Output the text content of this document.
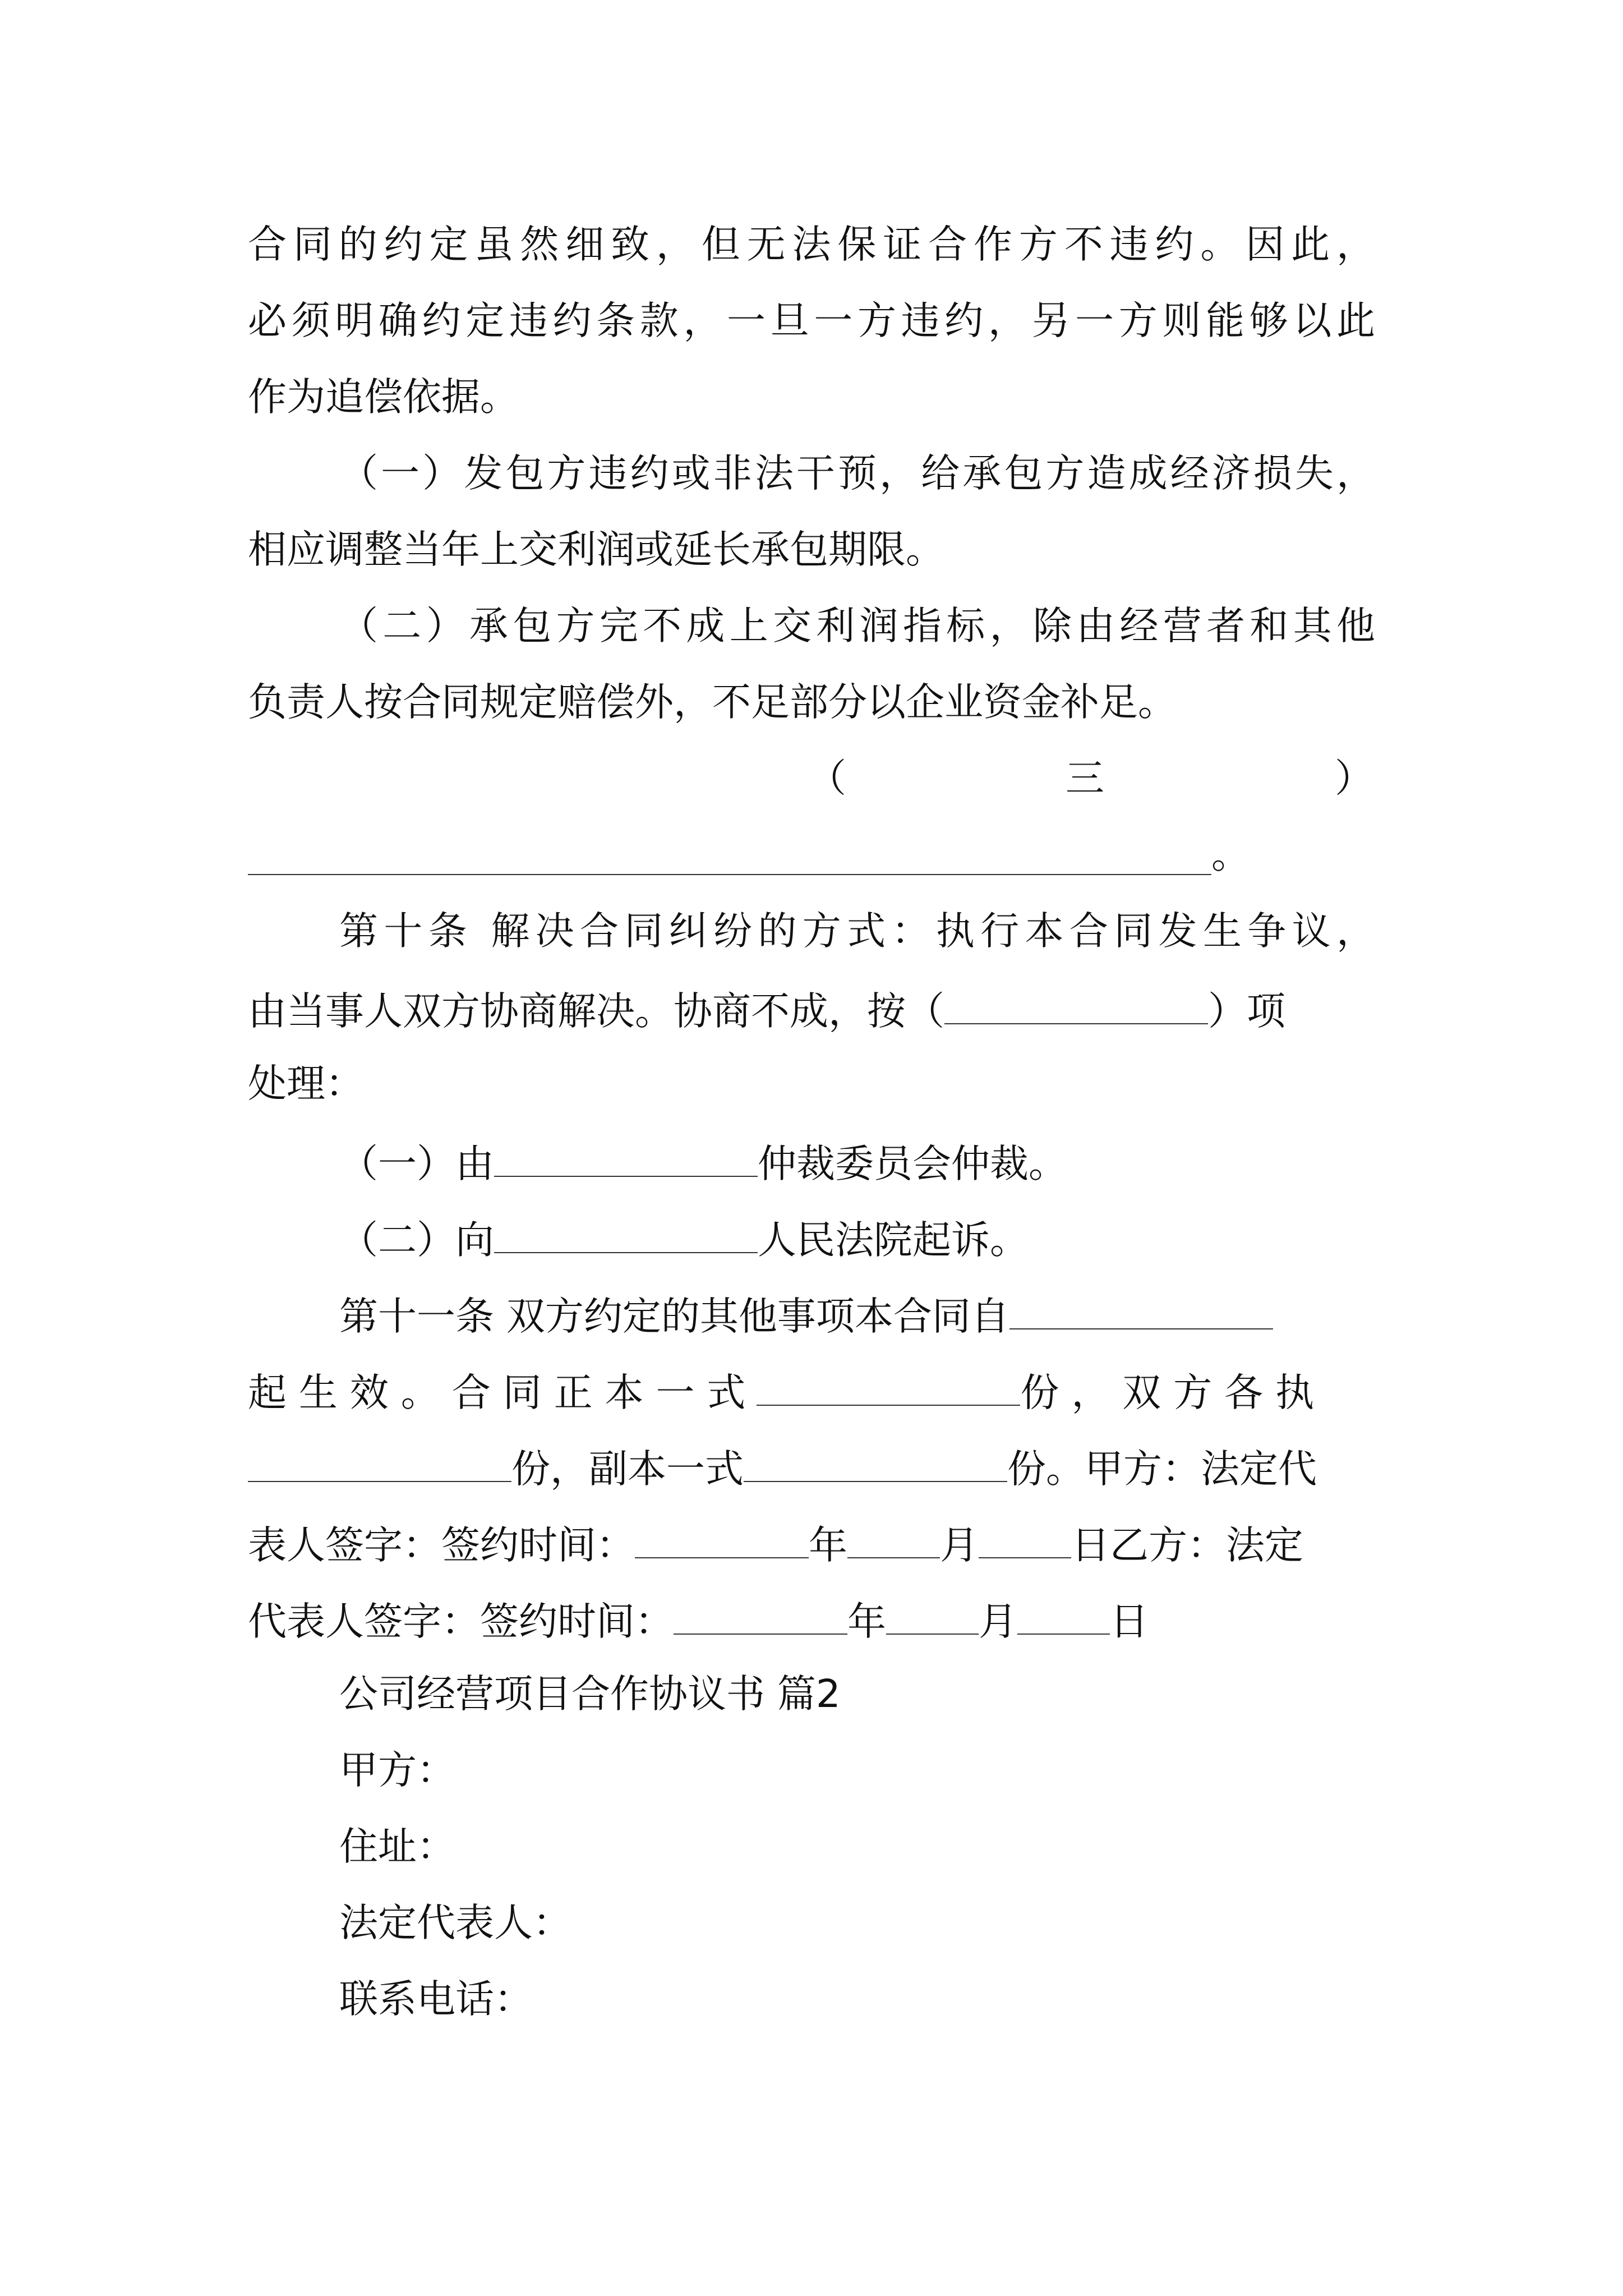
合同的约定虽然细致，但无法保证合作方不违约。因此，
必须明确约定违约条款，一旦一方违约，另一方则能够以此
作为追偿依据。
（一）发包方违约或非法干预，给承包方造成经济损失，
相应调整当年上交利润或延长承包期限。
（二）承包方完不成上交利润指标，除由经营者和其他
负责人按合同规定赔偿外，不足部分以企业资金补足。
（	三	）
。
第十条 解决合同纠纷的方式：执行本合同发生争议，
由当事人双方协商解决。协商不成，按（	）项
处理：
（一）由	仲裁委员会仲裁。
（二）向	人民法院起诉。
第十一条 双方约定的其他事项本合同自
起 生 效 。 合 同 正 本 一 式	份 ， 双 方 各 执
份，副本一式	份。甲方：法定代
表人签字：签约时间：	年 月 日乙方：法定
代表人签字：签约时间：	年 月 日
公司经营项目合作协议书 篇2
甲方：
住址：
法定代表人：
联系电话：
